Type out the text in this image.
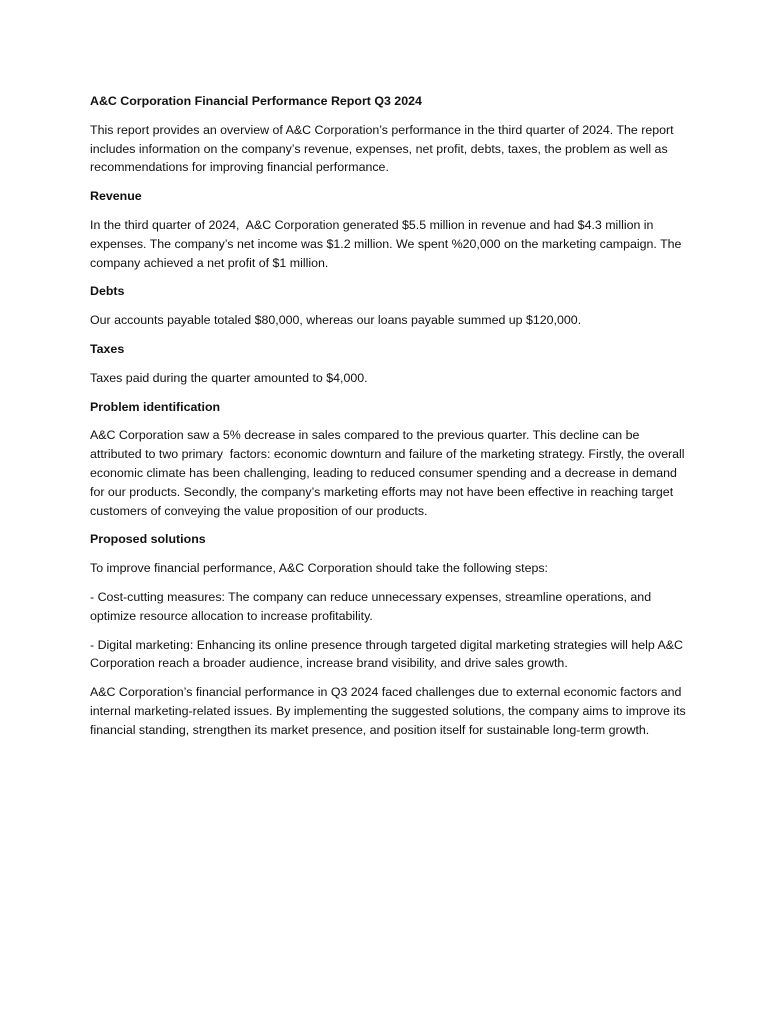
A&C Corporation Financial Performance Report Q3 2024
This report provides an overview of A&C Corporation’s performance in the third quarter of 2024. The report includes information on the company’s revenue, expenses, net profit, debts, taxes, the problem as well as recommendations for improving financial performance.
Revenue
In the third quarter of 2024,  A&C Corporation generated $5.5 million in revenue and had $4.3 million in expenses. The company’s net income was $1.2 million. We spent %20,000 on the marketing campaign. The company achieved a net profit of $1 million.
Debts
Our accounts payable totaled $80,000, whereas our loans payable summed up $120,000.
Taxes
Taxes paid during the quarter amounted to $4,000.
Problem identification
A&C Corporation saw a 5% decrease in sales compared to the previous quarter. This decline can be attributed to two primary  factors: economic downturn and failure of the marketing strategy. Firstly, the overall economic climate has been challenging, leading to reduced consumer spending and a decrease in demand for our products. Secondly, the company’s marketing efforts may not have been effective in reaching target customers of conveying the value proposition of our products.
Proposed solutions
To improve financial performance, A&C Corporation should take the following steps:
- Cost-cutting measures: The company can reduce unnecessary expenses, streamline operations, and optimize resource allocation to increase profitability.
- Digital marketing: Enhancing its online presence through targeted digital marketing strategies will help A&C Corporation reach a broader audience, increase brand visibility, and drive sales growth.
A&C Corporation’s financial performance in Q3 2024 faced challenges due to external economic factors and internal marketing-related issues. By implementing the suggested solutions, the company aims to improve its financial standing, strengthen its market presence, and position itself for sustainable long-term growth.
